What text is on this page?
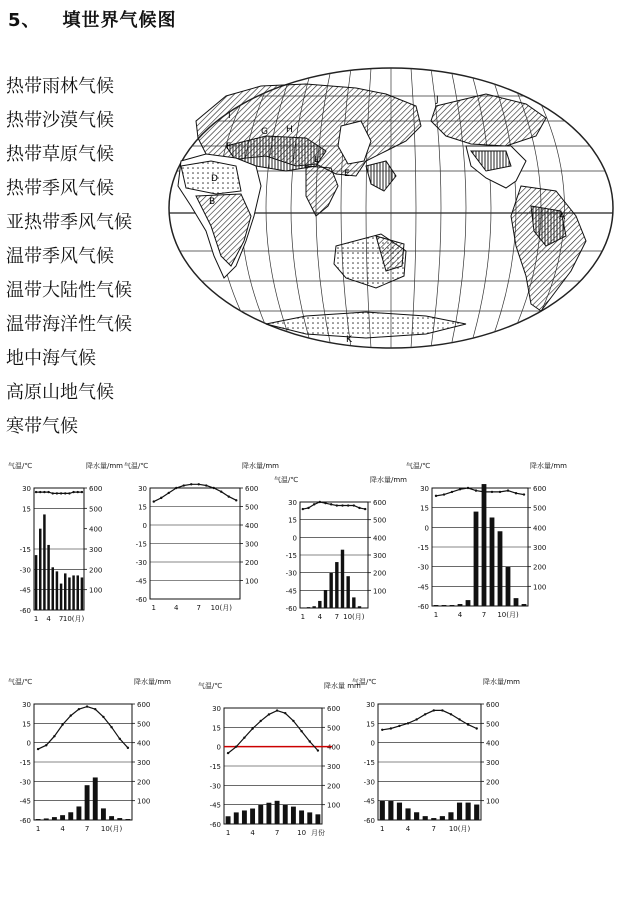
5、 填世界气候图
热带雨林气候
热带沙漠气候
热带草原气候
热带季风气候
亚热带季风气候
温带季风气候
温带大陆性气候
温带海洋性气候
地中海气候
高原山地气候
寒带气候
A
B
D	E
F
G H
I
J
K
L
气温/℃	降水量/mm
30
15
-15
-30
-45
-60
600
500
400
300
200
100
1 4 7 10(月)
气温/℃	降水量/mm
30
15
0
-15
-30
-45
-60
600
500
400
300
200
100
1	4	7 10(月)
气温/℃	降水量/mm
30
15
0
-15
-30
-45
-60
600
500
400
300
200
100
1 4 7 10(月)
气温/℃	降水量/mm
30
15
0
-15
-30
-45
-60
600
500
400
300
200
100
1	4	7 10(月)
气温/℃	降水量/mm
30
15
0
-15
-30
-45
-60
600
500
400
300
200
100
1	4	7 10(月)
气温/℃	降水量 mm
30
15
0
-15
-30
-45
-60
600
500
400
300
200
100
1	4	7	10 月份
气温/℃	降水量/mm
30
15
0
-15
-30
-45
-60
600
500
400
300
200
100
1	4	7 10(月)
